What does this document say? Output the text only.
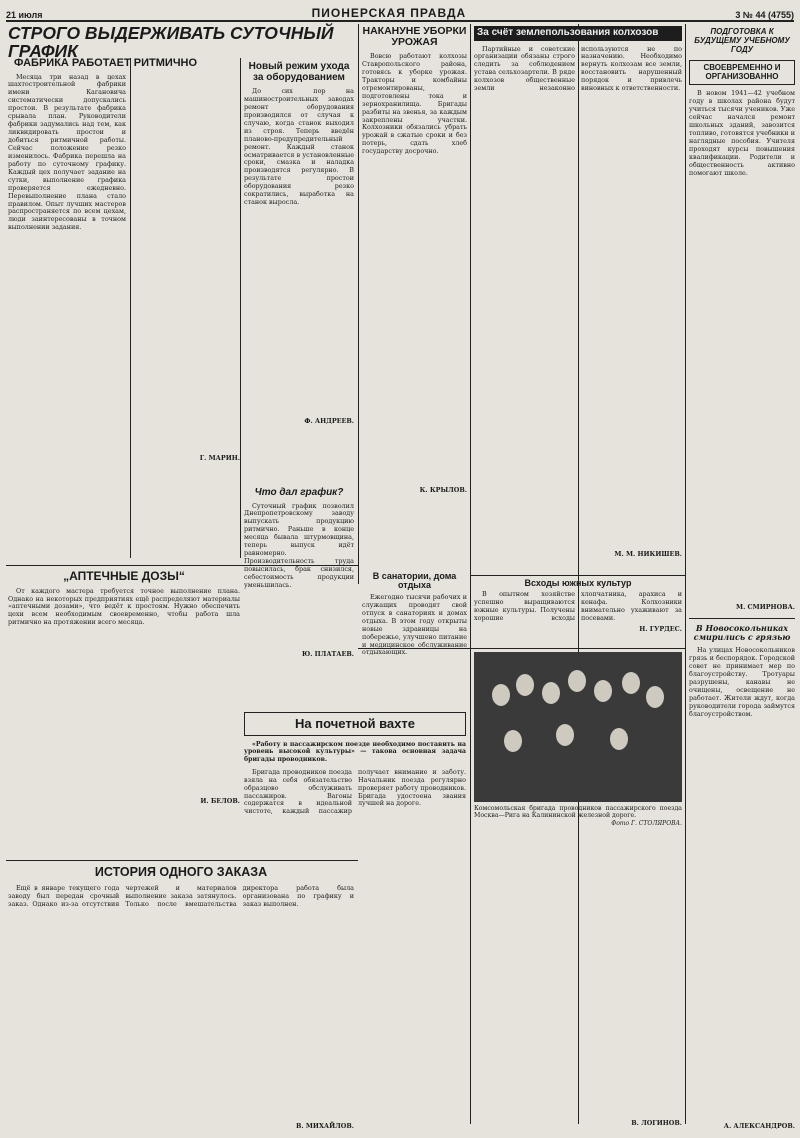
21 июля	ПИОНЕРСКАЯ ПРАВДА	3 № 44 (4755)
СТРОГО ВЫДЕРЖИВАТЬ СУТОЧНЫЙ ГРАФИК
ФАБРИКА РАБОТАЕТ РИТМИЧНО

Месяца три назад в цехах шахтостроительной фабрики имени Кагановича систематически допускались простои. В результате фабрика срывала план. Руководители фабрики задумались над тем, как ликвидировать простои и добиться ритмичной работы. Сейчас положение резко изменилось. Фабрика перешла на работу по суточному графику. Каждый цех получает задание на сутки, выполнение графика проверяется ежедневно. Перевыполнение плана стало правилом. Опыт лучших мастеров распространяется по всем цехам, люди заинтересованы в точном выполнении задания.

Г. МАРИН.
Новый режим ухода за оборудованием

До сих пор на машиностроительных заводах ремонт оборудования производился от случая к случаю, когда станок выходил из строя. Теперь введён планово-предупредительный ремонт. Каждый станок осматривается в установленные сроки, смазка и наладка производятся регулярно. В результате простои оборудования резко сократились, выработка на станок выросла.

Ф. АНДРЕЕВ.
Что дал график?

Суточный график позволил Днепропетровскому заводу выпускать продукцию ритмично. Раньше в конце месяца бывала штурмовщина, теперь выпуск идёт равномерно. Производительность труда повысилась, брак снизился, себестоимость продукции уменьшилась.

Ю. ПЛАТАЕВ.
НАКАНУНЕ УБОРКИ УРОЖАЯ

Вовсю работают колхозы Ставропольского района, готовясь к уборке урожая. Тракторы и комбайны отремонтированы, подготовлены тока и зернохранилища. Бригады разбиты на звенья, за каждым закреплены участки. Колхозники обязались убрать урожай в сжатые сроки и без потерь, сдать хлеб государству досрочно.

К. КРЫЛОВ.
„АПТЕЧНЫЕ ДОЗЫ“

От каждого мастера требуется точное выполнение плана. Однако на некоторых предприятиях ещё распределяют материалы «аптечными дозами», что ведёт к простоям. Нужно обеспечить цехи всем необходимым своевременно, чтобы работа шла ритмично на протяжении всего месяца.

И. БЕЛОВ.
ИСТОРИЯ ОДНОГО ЗАКАЗА

Ещё в январе текущего года заводу был передан срочный заказ. Однако из-за отсутствия чертежей и материалов выполнение заказа затянулось. Только после вмешательства директора работа была организована по графику и заказ выполнен.

В. МИХАЙЛОВ.
За счёт землепользования колхозов

Партийные и советские организации обязаны строго следить за соблюдением устава сельхозартели. В ряде колхозов общественные земли незаконно используются не по назначению. Необходимо вернуть колхозам все земли, восстановить нарушенный порядок и привлечь виновных к ответственности.

М. М. НИКИШЕВ.
В санатории, дома отдыха

Ежегодно тысячи рабочих и служащих проводят свой отпуск в санаториях и домах отдыха. В этом году открыты новые здравницы на побережье, улучшено питание и медицинское обслуживание отдыхающих.

Всходы южных культур

В опытном хозяйстве успешно выращиваются южные культуры. Получены хорошие всходы хлопчатника, арахиса и кенафа. Колхозники внимательно ухаживают за посевами.

Н. ГУРДЕС.
На почетной вахте

«Работу в пассажирском поезде необходимо поставить на уровень высокой культуры» — такова основная задача бригады проводников.

Бригада проводников поезда взяла на себя обязательство образцово обслуживать пассажиров. Вагоны содержатся в идеальной чистоте, каждый пассажир получает внимание и заботу. Начальник поезда регулярно проверяет работу проводников. Бригада удостоена звания лучшей на дороге.

Комсомольская бригада проводников пассажирского поезда Москва—Рига на Калининской железной дороге.
Фото Г. СТОЛЯРОВА.

В. ЛОГИНОВ.
ПОДГОТОВКА К БУДУЩЕМУ УЧЕБНОМУ ГОДУ
СВОЕВРЕМЕННО И ОРГАНИЗОВАННО

В новом 1941—42 учебном году в школах района будут учиться тысячи учеников. Уже сейчас начался ремонт школьных зданий, завозится топливо, готовятся учебники и наглядные пособия. Учителя проходят курсы повышения квалификации. Родители и общественность активно помогают школе.

М. СМИРНОВА.
В Новосокольниках смирились с грязью

На улицах Новосокольников грязь и беспорядок. Городской совет не принимает мер по благоустройству. Тротуары разрушены, канавы не очищены, освещение не работает. Жители ждут, когда руководители города займутся благоустройством.

А. АЛЕКСАНДРОВ.
